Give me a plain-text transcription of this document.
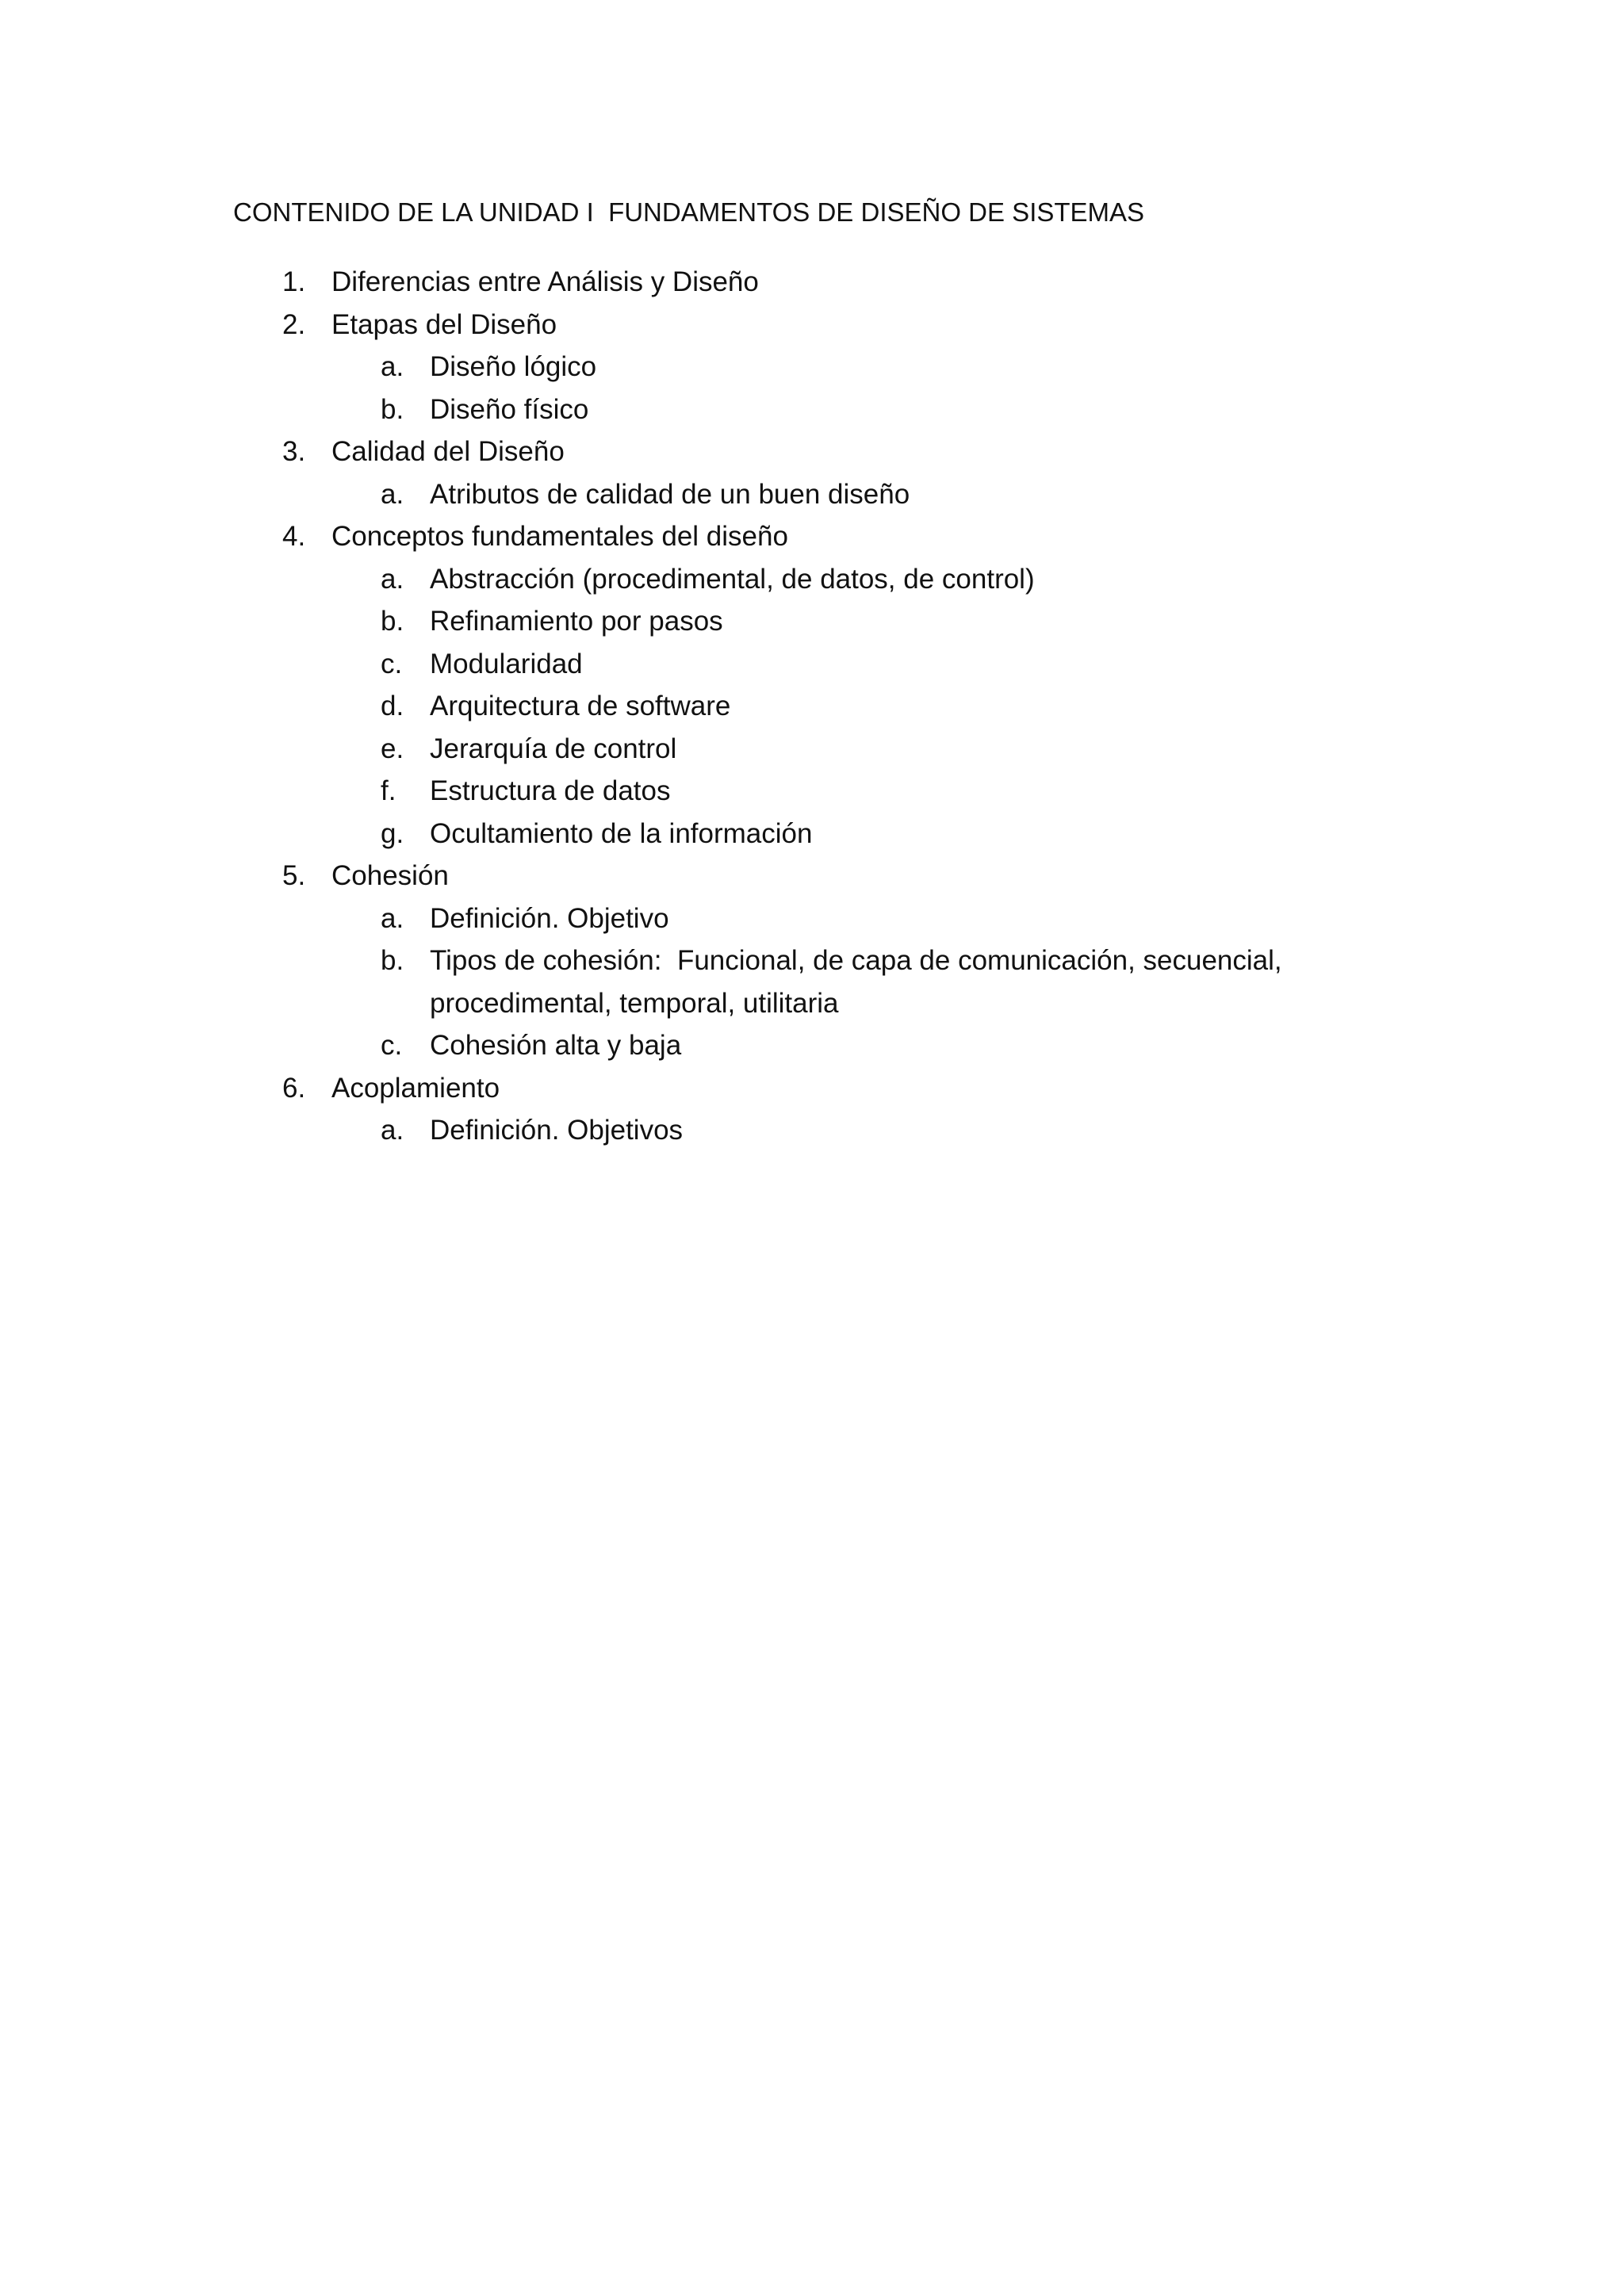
CONTENIDO DE LA UNIDAD I  FUNDAMENTOS DE DISEÑO DE SISTEMAS
1. Diferencias entre Análisis y Diseño
2. Etapas del Diseño
a. Diseño lógico
b. Diseño físico
3. Calidad del Diseño
a. Atributos de calidad de un buen diseño
4. Conceptos fundamentales del diseño
a. Abstracción (procedimental, de datos, de control)
b. Refinamiento por pasos
c. Modularidad
d. Arquitectura de software
e. Jerarquía de control
f. Estructura de datos
g. Ocultamiento de la información
5. Cohesión
a. Definición. Objetivo
b. Tipos de cohesión:  Funcional, de capa de comunicación, secuencial,
procedimental, temporal, utilitaria
c. Cohesión alta y baja
6. Acoplamiento
a. Definición. Objetivos
